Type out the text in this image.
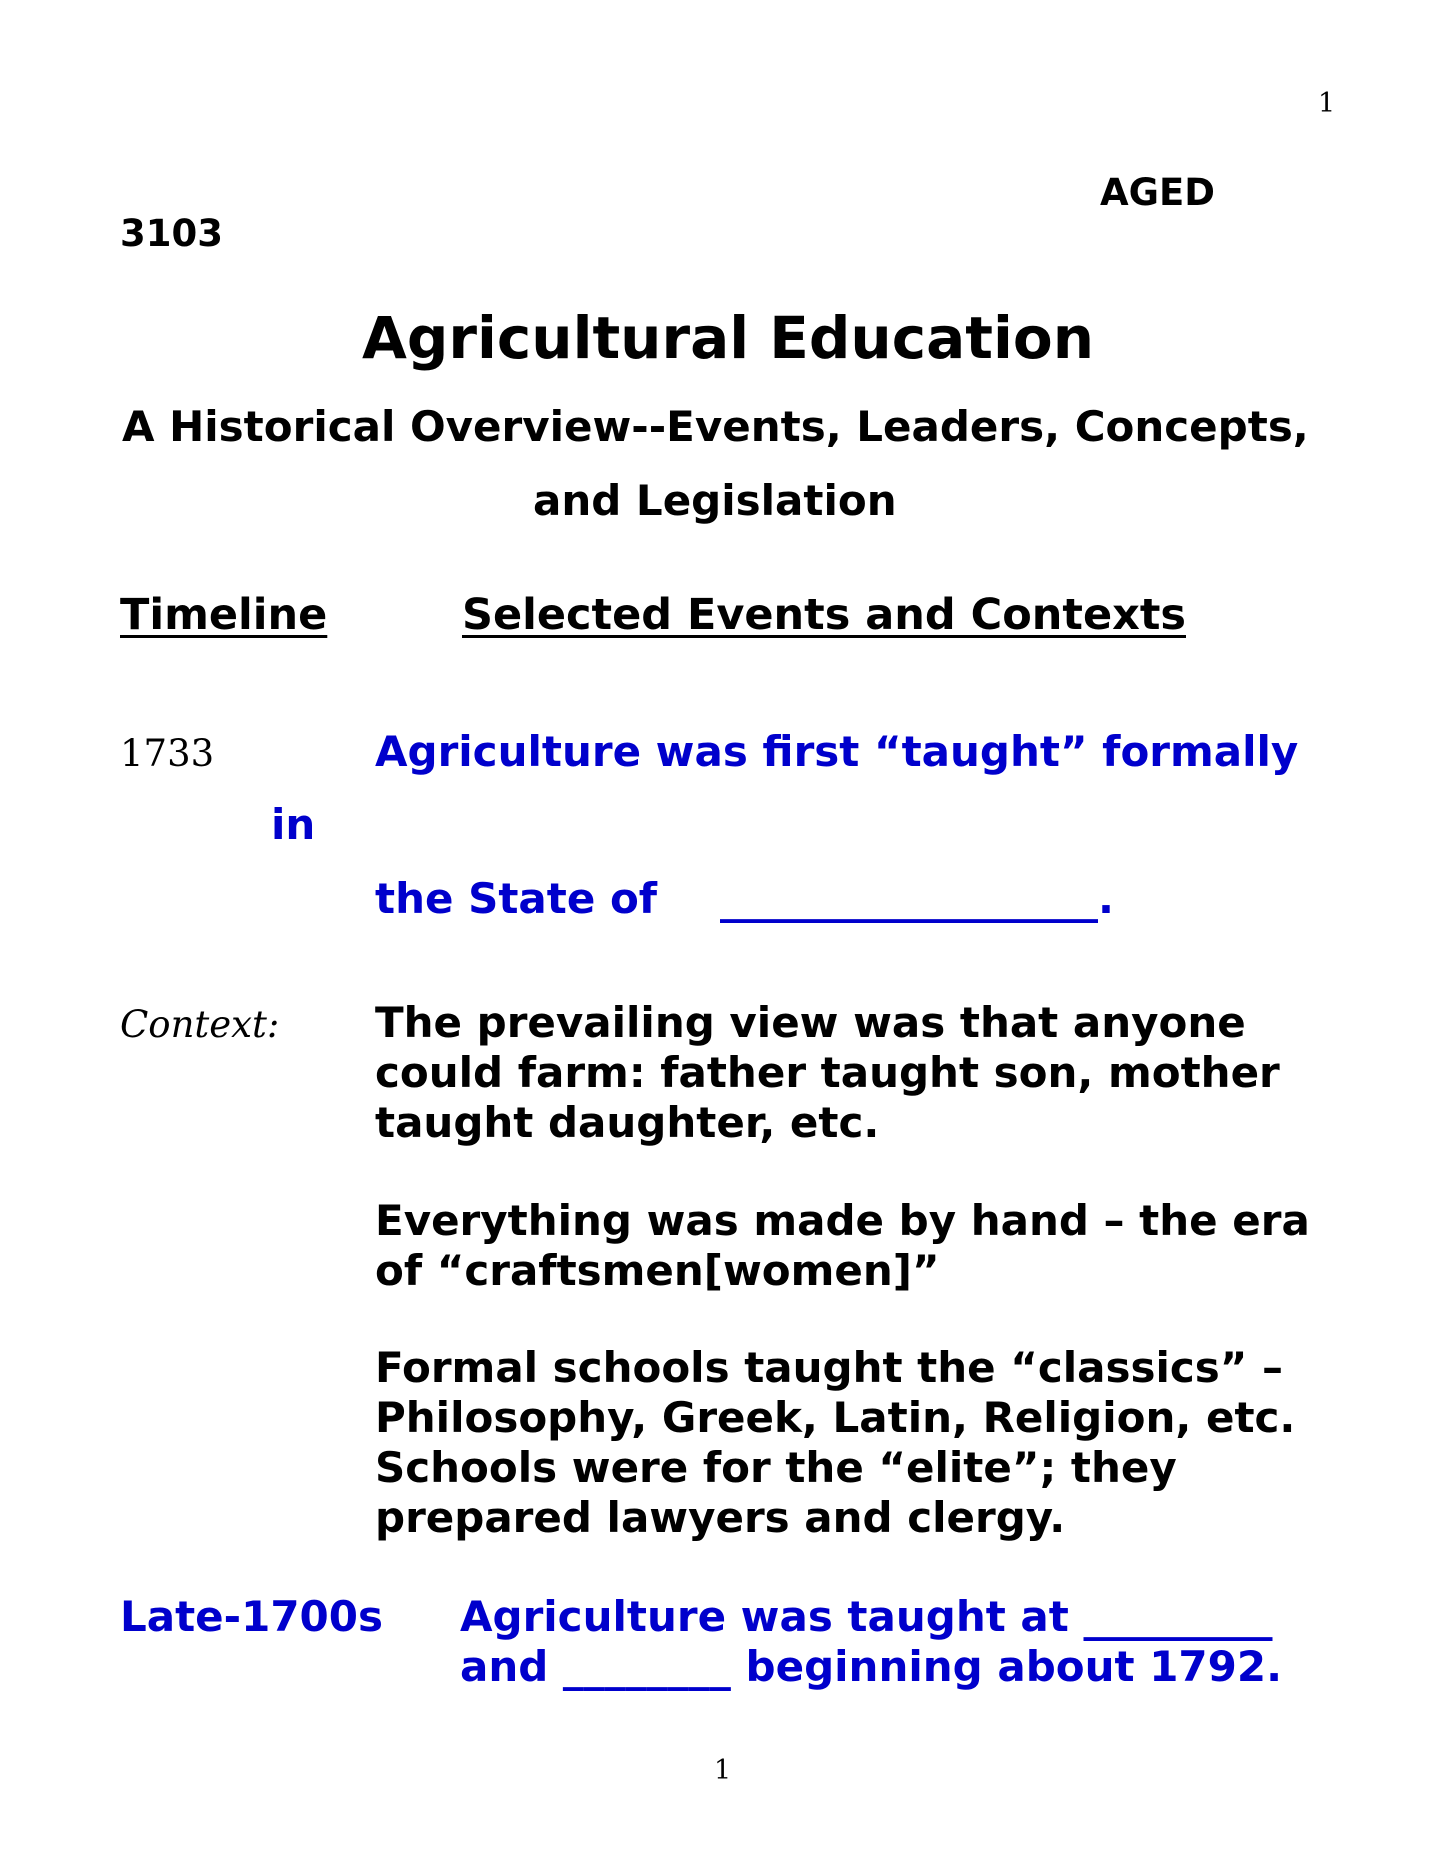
1
AGED
3103
Agricultural Education
A Historical Overview--Events, Leaders, Concepts,
and Legislation
Timeline	Selected Events and Contexts
1733	Agriculture was first “taught” formally
in
the State of __________________.
Context: The prevailing view was that anyone
could farm: father taught son, mother
taught daughter, etc.
Everything was made by hand – the era
of “craftsmen[women]”
Formal schools taught the “classics” –
Philosophy, Greek, Latin, Religion, etc.
Schools were for the “elite”; they
prepared lawyers and clergy.
Late-1700s Agriculture was taught at _________
and ________ beginning about 1792.
1
